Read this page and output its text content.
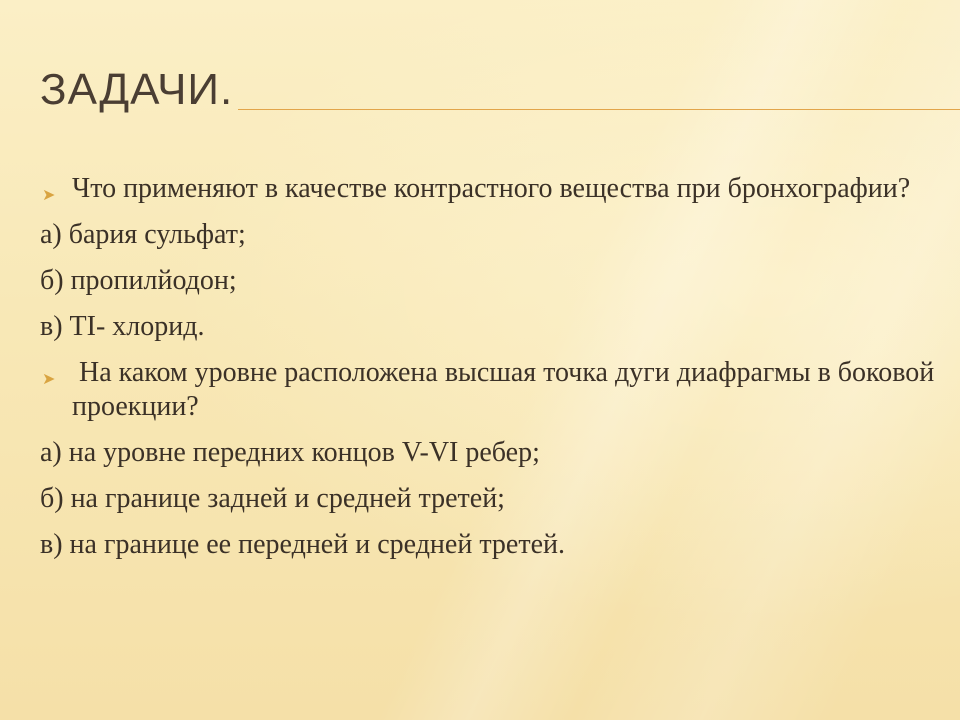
ЗАДАЧИ.

➤ Что применяют в качестве контрастного вещества при бронхографии?

а) бария сульфат;

б) пропилйодон;

в) TI- хлорид.

➤ На каком уровне расположена высшая точка дуги диафрагмы в боковой проекции?

а) на уровне передних концов V-VI ребер;

б) на границе задней и средней третей;

в) на границе ее передней и средней третей.
